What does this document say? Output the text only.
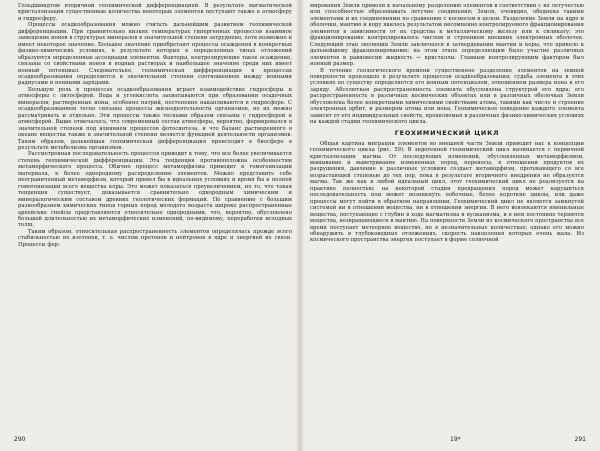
Гольдшмидтом вторичной геохимической дифференциацией. В результате магматической кристаллизации существенные количества некоторых элементов поступают также в атмосферу и гидросферу.

Процессы осадкообразования можно считать дальнейшим развитием геохимической дифференциации. При сравнительно низких температурах гипергенных процессов взаимное замещение ионов в структурах минералов в значительной степени затруднено, хотя возможно и имеет некоторое значение. Большое значение приобретают процессы осаждения в конкретных физико-химических условиях, в результате которых в определенных типах отложений образуются определенные ассоциации элементов. Факторы, контролирующие такое осаждение, связаны со свойствами ионов в водных растворах и наибольшее значение среди них имеет ионный потенциал. Следовательно, геохимическая дифференциация в процессах осадкообразования определяется в значительной степени соотношением между ионными радиусами и ионными зарядами.

Большую роль в процессах осадкообразования играет взаимодействие гидросферы и атмосферы с литосферой. Вода и углекислота захватываются при образовании осадочных минералов; растворенные ионы, особенно натрий, постепенно накапливаются в гидросфере. С осадкообразованием тесно связаны процессы жизнедеятельности организмов, но их можно рассматривать и отдельно. Эти процессы также тесными образом связаны с гидросферой и атмосферой. Выше отмечалось, что современный состав атмосферы, вероятно, формировался в значительной степени под влиянием процессов фотосинтеза, и что баланс растворенного в океане вещества также в значительной степени является функцией деятельности организмов. Таким образом, дальнейшая геохимическая дифференциация происходит в биосфере в результате метаболизма организмов.

Рассмотренная последовательность процессов приводит к тому, что все более увеличивается степень геохимической дифференциации. Эта тенденция противоположна особенностям метаморфического процесса. Обычно процесс метаморфизма приводит к гомогенизации материала, к более однородному распределению элементов. Можно представить себе неограниченный метаморфизм, который привел бы в идеальных условиях и время бы к полной гомогенизации всего вещества коры. Это может показаться преувеличением, но то, что такая тенденция существует, доказывается сравнительно однородным химическим и минералогическим составом древних геологических формаций. По сравнению с большим разнообразием химических типов горных пород молодого возраста широко распространенные архейские гнейсы представляются относительно однородными, что, вероятно, обусловлено большей длительностью их метаморфических изменений, по-видимому, переработки исходных толщ.

Таким образом, относительная распространенность элементов определялась прежде всего стабильностью их изотопов, т. е. числом протонов и нейтронов в ядре и энергией их связи. Процессы фор-

290

мирования Земли привели к начальному разделению элементов в соответствии с их летучестью или способностью образовывать летучие соединения; Земля, очевидно, обеднена такими элементами и их соединениями по сравнению с космосом в целом. Разделение Земли на ядро и оболочки, мантию и кору явилось результатом несомненно контролируемого фракционирования элементов в зависимости от их сродства к металлическому железу или к силикату; это фракционирование контролировалось числом и строением внешних электронных оболочек. Следующий этап эволюции Земли заключался в затвердевании мантии и коры, что привело к дальнейшему фракционированию; на этом этапе определяющим было участие различных элементов в равновесии жидкость ↔ кристаллы. Главным контролирующим фактором был ионный размер.

В течение геологического времени существенное разделение элементов на земной поверхности произошло в результате процессов осадкообразования; судьба элемента в этих условиях по существу определяется его ионным потенциалом, отношением размера иона к его заряду. Абсолютная распространенность элемента обусловлена структурой его ядра; его распространенность в различных космических объектах или в различных оболочках Земли обусловлена более конкретными химическими свойствами атома, такими как число и строение электронных орбит, и размером атома или иона. Геохимическое поведение каждого элемента зависит от его индивидуальных свойств, проявляемых в различных физико-химических условиях на каждой стадии геохимического цикла.

ГЕОХИМИЧЕСКИЙ ЦИКЛ

Общая картина миграции элементов во внешней части Земли приводит нас к концепции геохимического цикла (рис. 59). В эндогенной геохимический цикл начинается с первичной кристаллизации магмы. От последующих изменений, обусловленных метаморфизмом, вымывание и выветривание измененных пород, переносы, в отношении продуктов их разрушения, давление в различных условиях создает метаморфизм, протекающего со все возрастающей степенью до тех пор, пока в результате вторичного внедрения не образуется магма. Так же как в любой идеальный цикл, этот геохимический цикл не реализуется на практике полностью; на некоторой стадии превращения пород может нарушиться последовательность или может возникнуть побочные, более короткие циклы, или даже процессы могут пойти в обратном направлении. Геохимический цикл не является замкнутой системой ни в отношении вещества, ни в отношении энергии. В него вовлекаются ювенильные вещества, поступающие с глубин в ходе магматизма и вулканизма, и в нем постоянно теряются вещества, возвращающиеся в мантию. На поверхности Земли из космического пространства все время поступает метеорное вещество, но в незначительных количествах; однако его можно обнаружить в глубоководных отложениях, скорость накопления которых очень мала. Из космического пространства энергия поступает в форме солнечной

19*	291
